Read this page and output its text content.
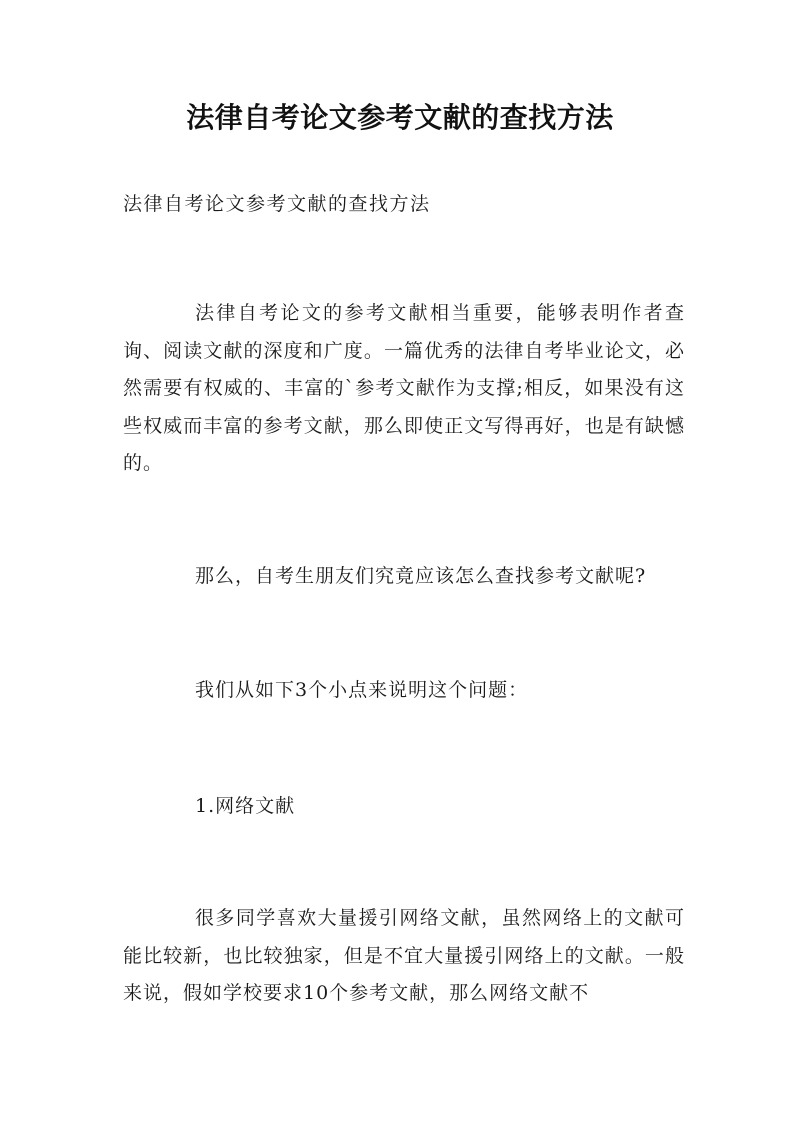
法律自考论文参考文献的查找方法
法律自考论文参考文献的查找方法
法律自考论文的参考文献相当重要，能够表明作者查询、阅读文献的深度和广度。一篇优秀的法律自考毕业论文，必然需要有权威的、丰富的`参考文献作为支撑;相反，如果没有这些权威而丰富的参考文献，那么即使正文写得再好，也是有缺憾的。
那么，自考生朋友们究竟应该怎么查找参考文献呢?
我们从如下3个小点来说明这个问题：
1.网络文献
很多同学喜欢大量援引网络文献，虽然网络上的文献可能比较新，也比较独家，但是不宜大量援引网络上的文献。一般来说，假如学校要求10个参考文献，那么网络文献不
